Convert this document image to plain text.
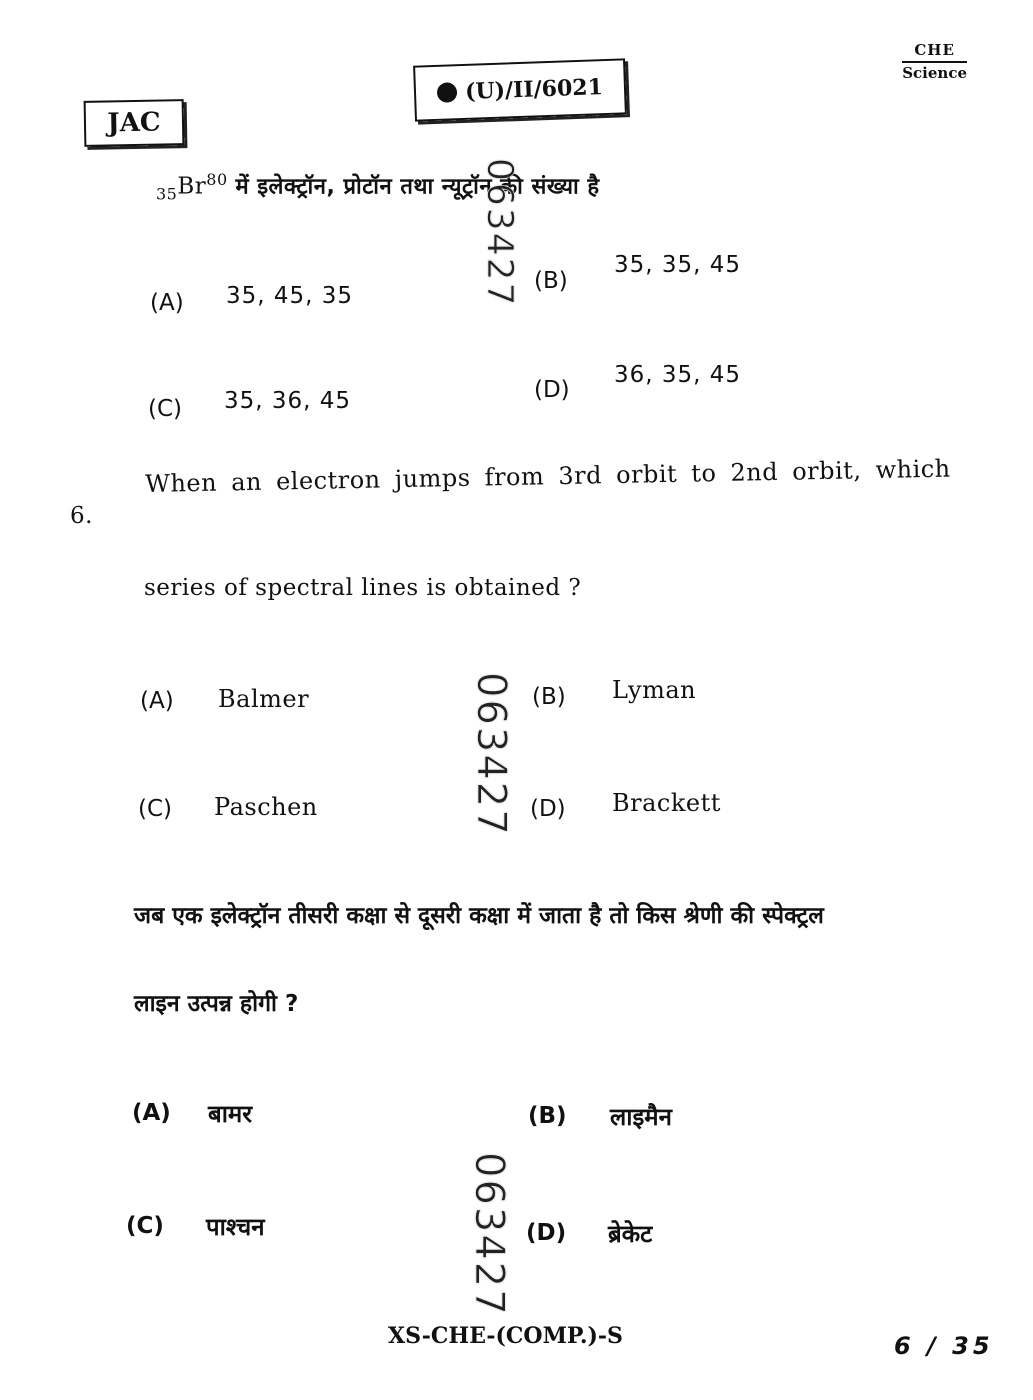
JAC
(U)/II/6021
CHE
Science
$_{35}Br^{80}$ में इलेक्ट्रॉन, प्रोटॉन तथा न्यूट्रॉन की संख्या है
(A) 35, 45, 35
(B)
35, 35, 45
(C) 35, 36, 45	(D)
36, 35, 45
6.
When an electron jumps from 3rd orbit to 2nd orbit, which
series of spectral lines is obtained ?
(A) Balmer	(B) Lyman
(C) Paschen	(D) Brackett
जब एक इलेक्ट्रॉन तीसरी कक्षा से दूसरी कक्षा में जाता है तो किस श्रेणी की स्पेक्ट्रल
लाइन उत्पन्न होगी ?
(A) बामर	(B) लाइमैन
(C) पाश्चन	(D) ब्रेकेट
063427
063427
063427
XS-CHE-(COMP.)-S	6 / 35
